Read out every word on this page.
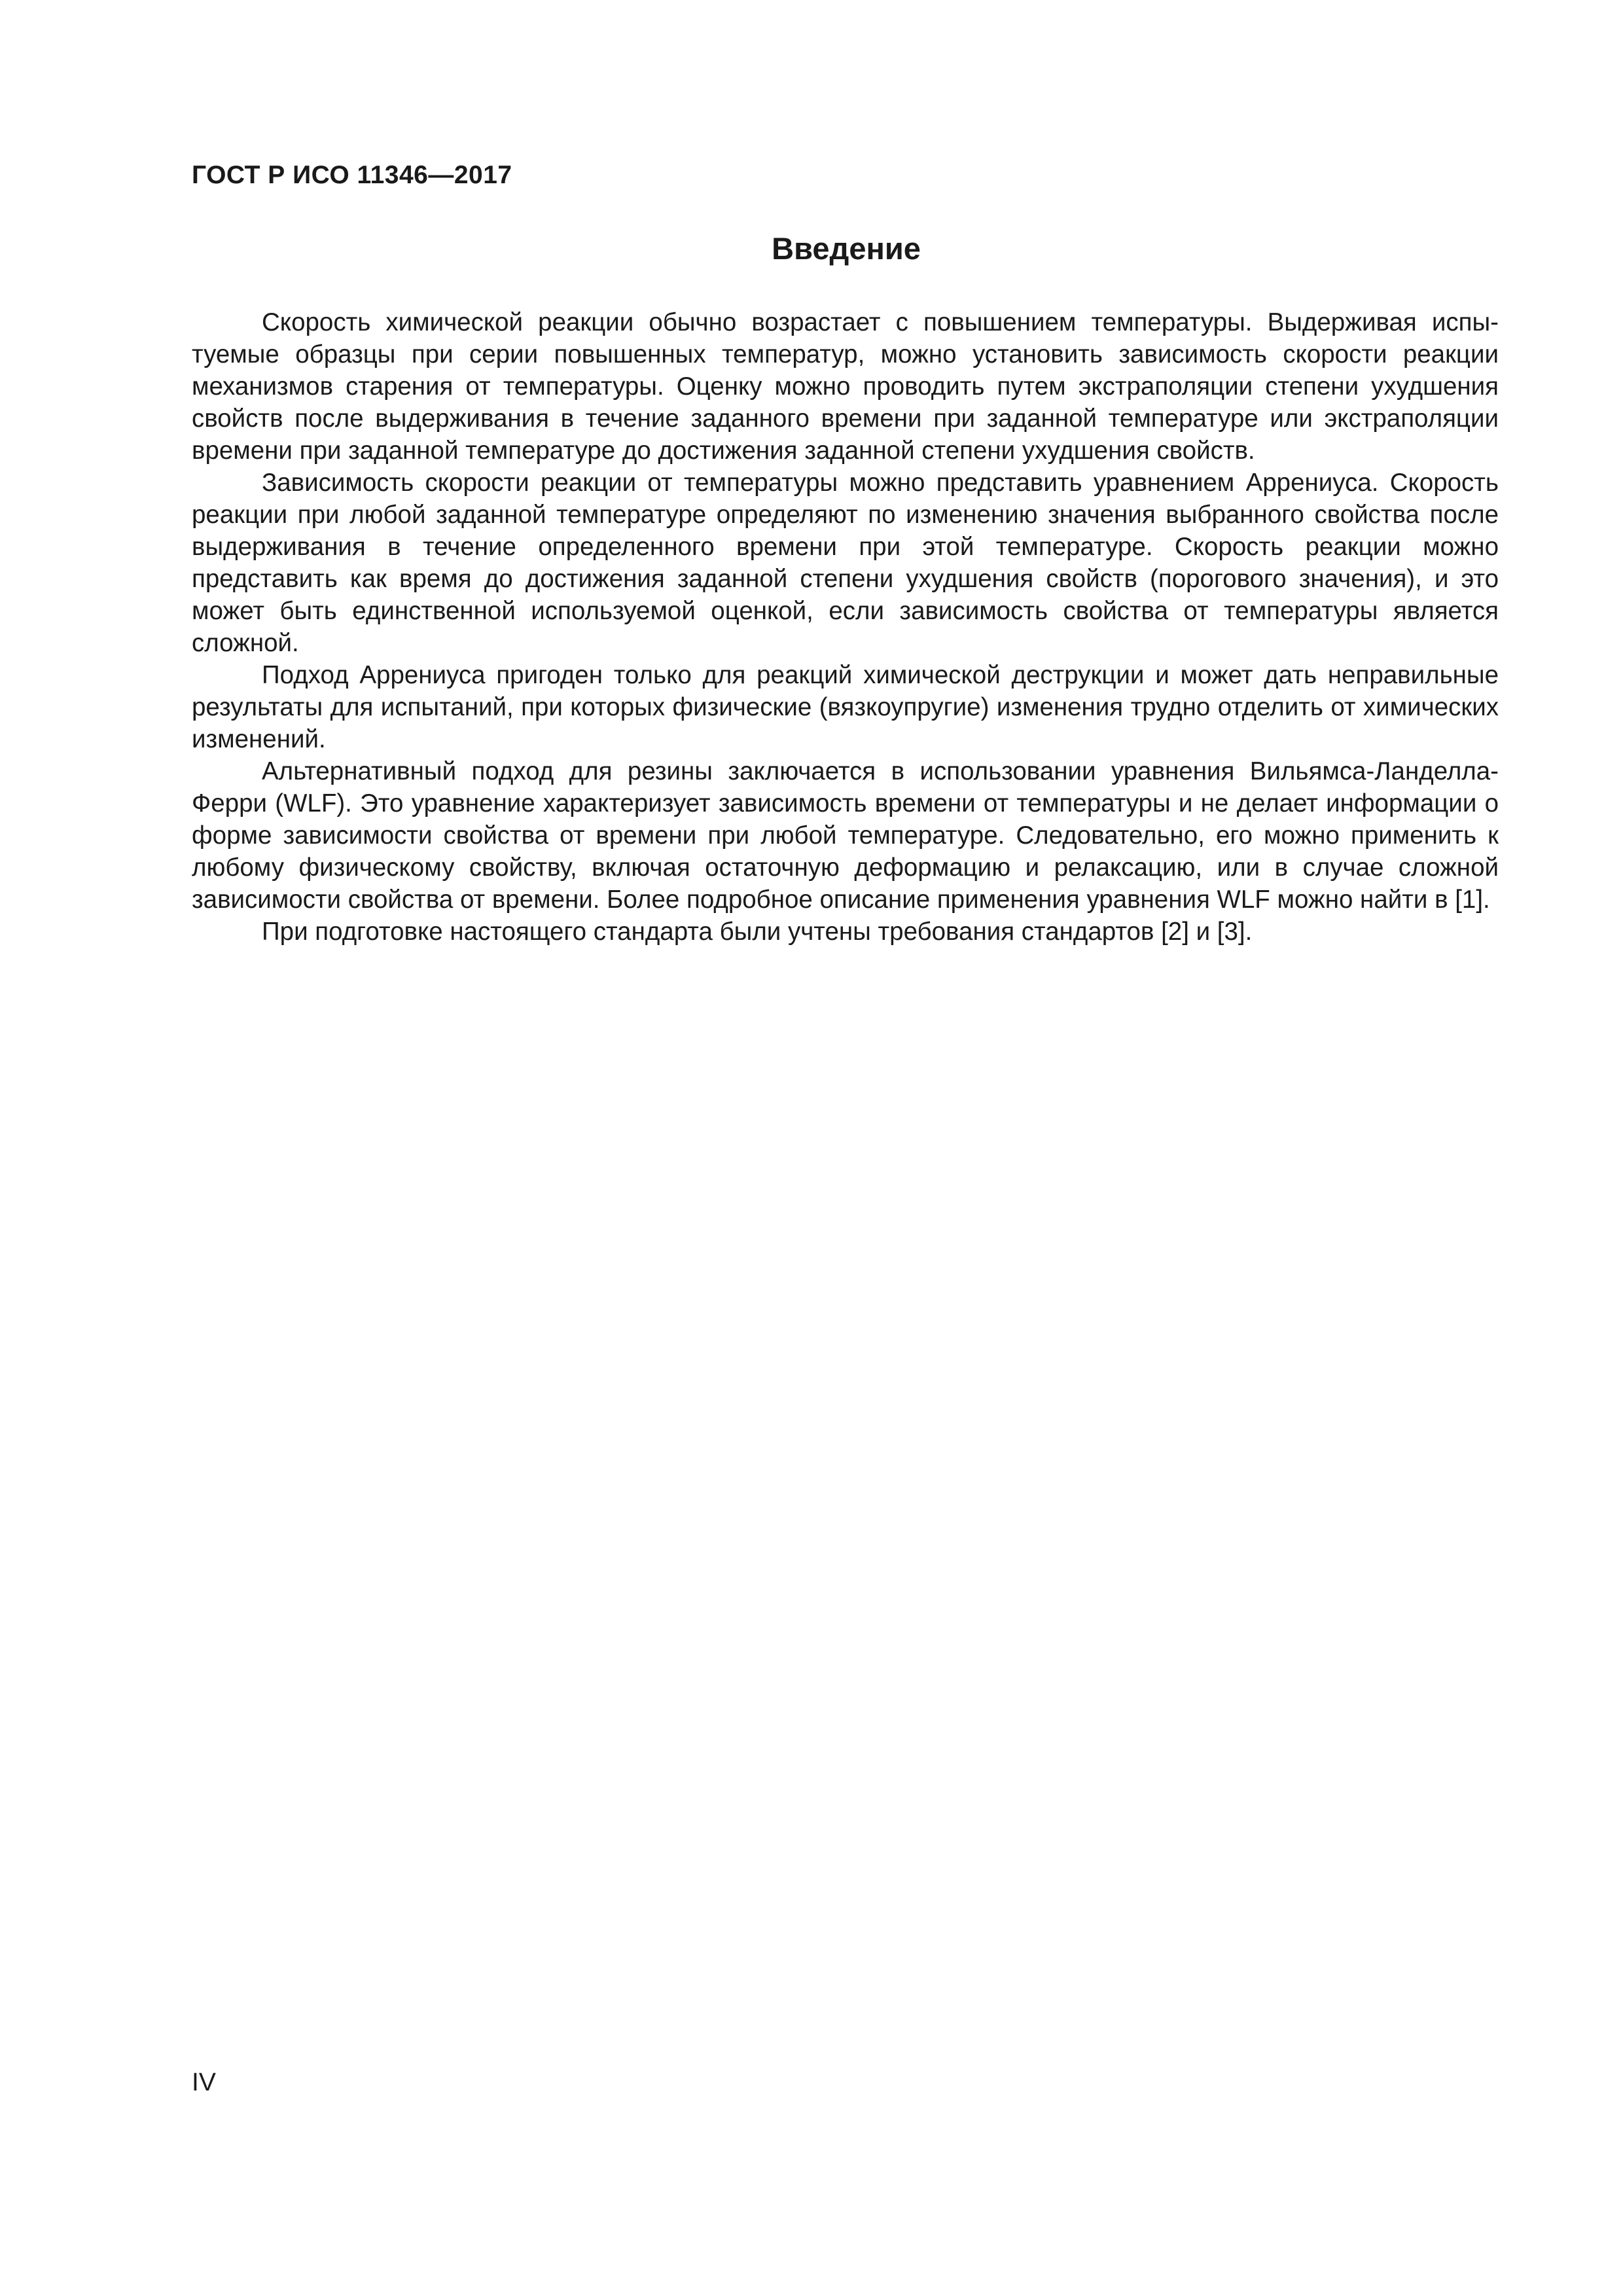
ГОСТ Р ИСО 11346—2017

Введение

Скорость химической реакции обычно возрастает с повышением температуры. Выдерживая испытуемые образцы при серии повышенных температур, можно установить зависимость скорости реакции механизмов старения от температуры. Оценку можно проводить путем экстраполяции степени ухудшения свойств после выдерживания в течение заданного времени при заданной температуре или экстраполяции времени при заданной температуре до достижения заданной степени ухудшения свойств.

Зависимость скорости реакции от температуры можно представить уравнением Аррениуса. Скорость реакции при любой заданной температуре определяют по изменению значения выбранного свойства после выдерживания в течение определенного времени при этой температуре. Скорость реакции можно представить как время до достижения заданной степени ухудшения свойств (порогового значения), и это может быть единственной используемой оценкой, если зависимость свойства от температуры является сложной.

Подход Аррениуса пригоден только для реакций химической деструкции и может дать неправильные результаты для испытаний, при которых физические (вязкоупругие) изменения трудно отделить от химических изменений.

Альтернативный подход для резины заключается в использовании уравнения Вильямса-Ланделла-Ферри (WLF). Это уравнение характеризует зависимость времени от температуры и не делает информации о форме зависимости свойства от времени при любой температуре. Следовательно, его можно применить к любому физическому свойству, включая остаточную деформацию и релаксацию, или в случае сложной зависимости свойства от времени. Более подробное описание применения уравнения WLF можно найти в [1].

При подготовке настоящего стандарта были учтены требования стандартов [2] и [3].

IV
